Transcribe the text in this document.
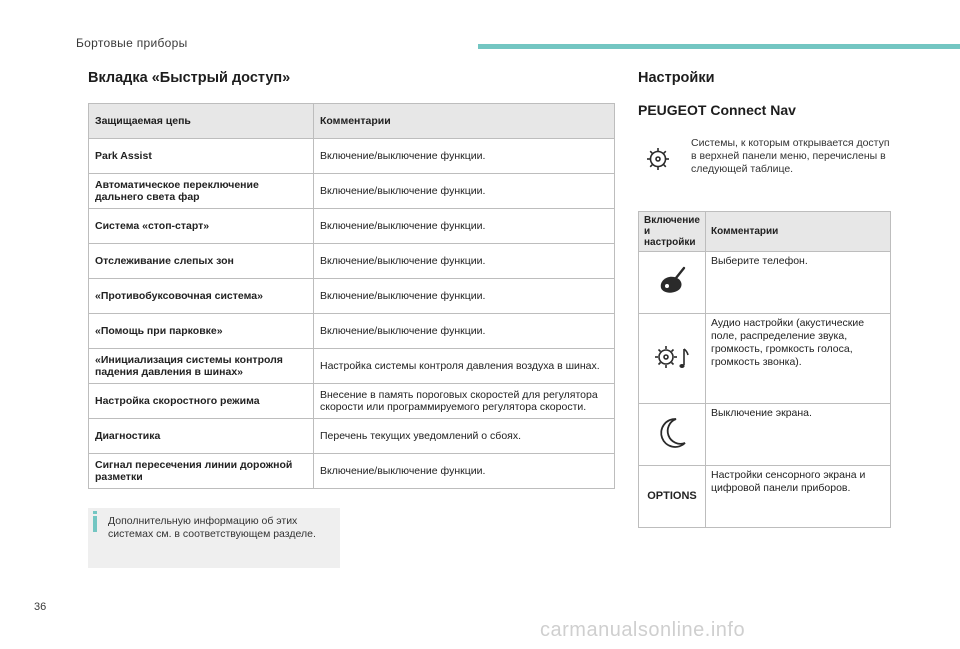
Бортовые приборы
Вкладка «Быстрый доступ»
Защищаемая цепь	Комментарии
Park Assist	Включение/выключение функции.
Автоматическое переключение дальнего света фар	Включение/выключение функции.
Система «стоп-старт»	Включение/выключение функции.
Отслеживание слепых зон	Включение/выключение функции.
«Противобуксовочная система»	Включение/выключение функции.
«Помощь при парковке»	Включение/выключение функции.
«Инициализация системы контроля падения давления в шинах»	Настройка системы контроля давления воздуха в шинах.
Настройка скоростного режима	Внесение в память пороговых скоростей для регулятора скорости или программируемого регулятора скорости.
Диагностика	Перечень текущих уведомлений о сбоях.
Сигнал пересечения линии дорожной разметки	Включение/выключение функции.
Дополнительную информацию об этих системах см. в соответствующем разделе.
Настройки
PEUGEOT Connect Nav
Системы, к которым открывается доступ в верхней панели меню, перечислены в следующей таблице.
Включение и настройки	Комментарии
	Выберите телефон.
	Аудио настройки (акустические поле, распределение звука, громкость, громкость голоса, громкость звонка).
	Выключение экрана.
OPTIONS	Настройки сенсорного экрана и цифровой панели приборов.
36
carmanualsonline.info
